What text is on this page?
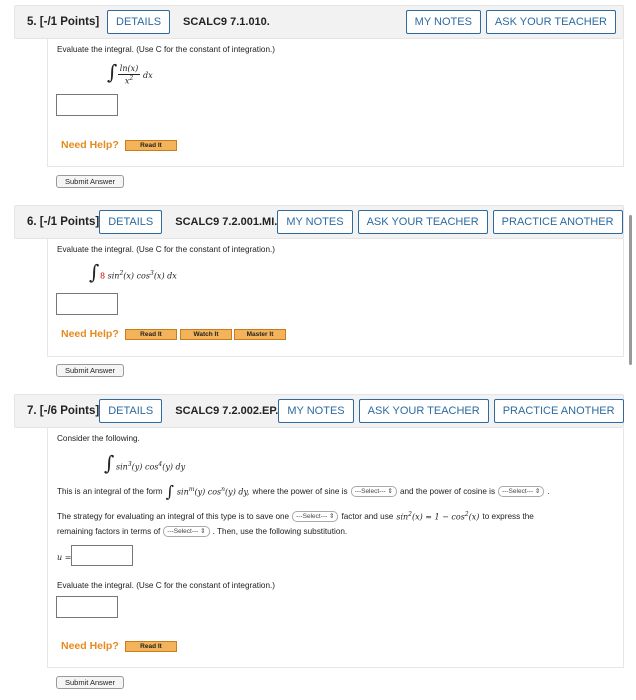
5. [-/1 Points]	DETAILS	SCALC9 7.1.010.	MY NOTES	ASK YOUR TEACHER
Evaluate the integral. (Use C for the constant of integration.)
∫ ln(x)
$x^2$	dx
Need Help?	Read It
Submit Answer
6. [-/1 Points] DETAILS	SCALC9 7.2.001.MI. MY NOTES	ASK YOUR TEACHER	PRACTICE ANOTHER
Evaluate the integral. (Use C for the constant of integration.)
∫ 8 $\sin^2(x)$ $\cos^3(x)$ dx
Need Help?	Read It	Watch It	Master It
Submit Answer
7. [-/6 Points] DETAILS	SCALC9 7.2.002.EP. MY NOTES	ASK YOUR TEACHER	PRACTICE ANOTHER
Consider the following.
∫ $\sin^3(y)$ $\cos^4(y)$ dy
This is an integral of the form ∫ $\sin^m(y)$ $\cos^n(y)$ dy, where the power of sine is	---Select--- ⇕ and the power of cosine is	---Select--- ⇕ .
The strategy for evaluating an integral of this type is to save one	---Select--- ⇕ factor and use $\sin^2(x) = 1 - \cos^2(x)$ to express the
remaining factors in terms of	---Select--- ⇕ . Then, use the following substitution.
u =
Evaluate the integral. (Use C for the constant of integration.)
Need Help?	Read It
Submit Answer
